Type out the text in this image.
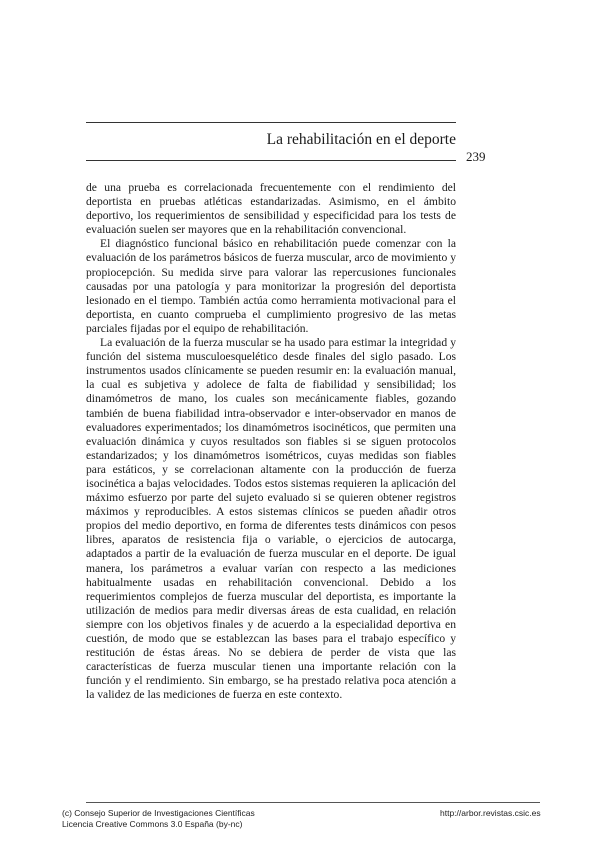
La rehabilitación en el deporte
239

de una prueba es correlacionada frecuentemente con el rendimiento del deportista en pruebas atléticas estandarizadas. Asimismo, en el ámbito deportivo, los requerimientos de sensibilidad y especificidad para los tests de evaluación suelen ser mayores que en la rehabilitación convencional.

El diagnóstico funcional básico en rehabilitación puede comenzar con la evaluación de los parámetros básicos de fuerza muscular, arco de movimiento y propiocepción. Su medida sirve para valorar las repercusiones funcionales causadas por una patología y para monitorizar la progresión del deportista lesionado en el tiempo. También actúa como herramienta motivacional para el deportista, en cuanto comprueba el cumplimiento progresivo de las metas parciales fijadas por el equipo de rehabilitación.

La evaluación de la fuerza muscular se ha usado para estimar la integridad y función del sistema musculoesquelético desde finales del siglo pasado. Los instrumentos usados clínicamente se pueden resumir en: la evaluación manual, la cual es subjetiva y adolece de falta de fiabilidad y sensibilidad; los dinamómetros de mano, los cuales son mecánicamente fiables, gozando también de buena fiabilidad intra-observador e inter-observador en manos de evaluadores experimentados; los dinamómetros isocinéticos, que permiten una evaluación dinámica y cuyos resultados son fiables si se siguen protocolos estandarizados; y los dinamómetros isométricos, cuyas medidas son fiables para estáticos, y se correlacionan altamente con la producción de fuerza isocinética a bajas velocidades. Todos estos sistemas requieren la aplicación del máximo esfuerzo por parte del sujeto evaluado si se quieren obtener registros máximos y reproducibles. A estos sistemas clínicos se pueden añadir otros propios del medio deportivo, en forma de diferentes tests dinámicos con pesos libres, aparatos de resistencia fija o variable, o ejercicios de autocarga, adaptados a partir de la evaluación de fuerza muscular en el deporte. De igual manera, los parámetros a evaluar varían con respecto a las mediciones habitualmente usadas en rehabilitación convencional. Debido a los requerimientos complejos de fuerza muscular del deportista, es importante la utilización de medios para medir diversas áreas de esta cualidad, en relación siempre con los objetivos finales y de acuerdo a la especialidad deportiva en cuestión, de modo que se establezcan las bases para el trabajo específico y restitución de éstas áreas. No se debiera de perder de vista que las características de fuerza muscular tienen una importante relación con la función y el rendimiento. Sin embargo, se ha prestado relativa poca atención a la validez de las mediciones de fuerza en este contexto.

(c) Consejo Superior de Investigaciones Científicas
Licencia Creative Commons 3.0 España (by-nc)
http://arbor.revistas.csic.es
